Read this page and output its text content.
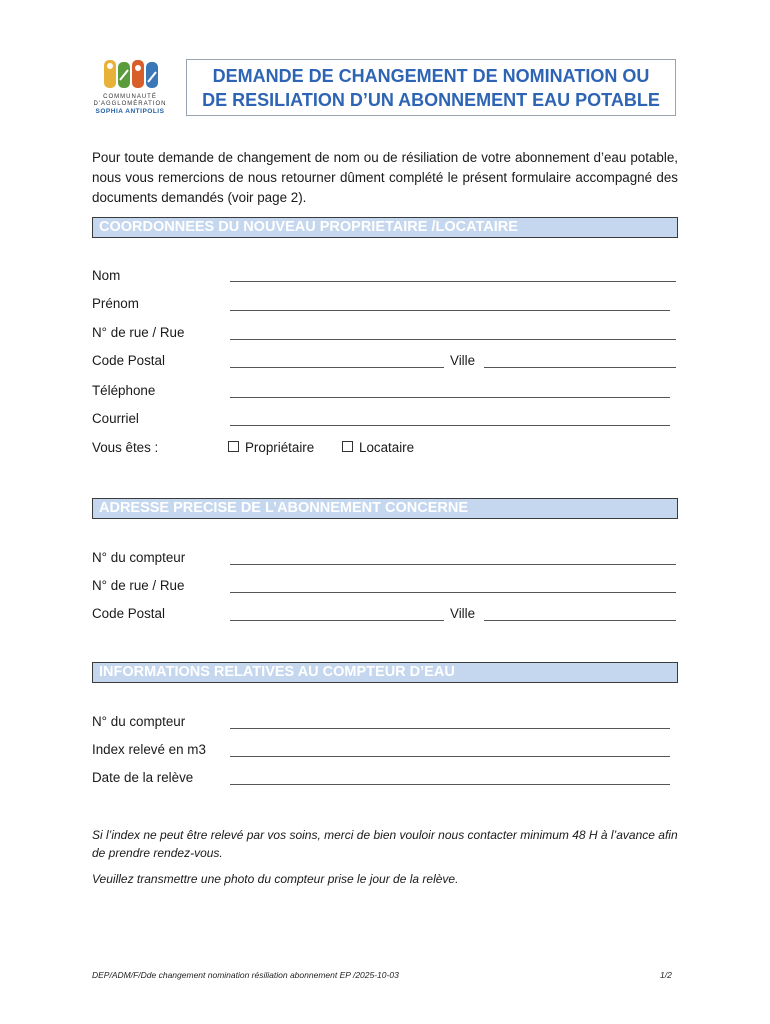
COMMUNAUTÉ
D'AGGLOMÉRATION
SOPHIA ANTIPOLIS
DEMANDE DE CHANGEMENT DE NOMINATION OU
DE RESILIATION D’UN ABONNEMENT EAU POTABLE
Pour toute demande de changement de nom ou de résiliation de votre abonnement d’eau potable, nous vous remercions de nous retourner dûment complété le présent formulaire accompagné des documents demandés (voir page 2).
COORDONNEES DU NOUVEAU PROPRIETAIRE /LOCATAIRE
Nom
Prénom
N° de rue / Rue
Code Postal	Ville
Téléphone
Courriel
Vous êtes :	Propriétaire	Locataire
ADRESSE PRECISE DE L’ABONNEMENT CONCERNE
N° du compteur
N° de rue / Rue
Code Postal	Ville
INFORMATIONS RELATIVES AU COMPTEUR D’EAU
N° du compteur
Index relevé en m3
Date de la relève
Si l’index ne peut être relevé par vos soins, merci de bien vouloir nous contacter minimum 48 H à l’avance afin de prendre rendez-vous.
Veuillez transmettre une photo du compteur prise le jour de la relève.
DEP/ADM/F/Dde changement nomination résiliation abonnement EP /2025-10-03	1/2
